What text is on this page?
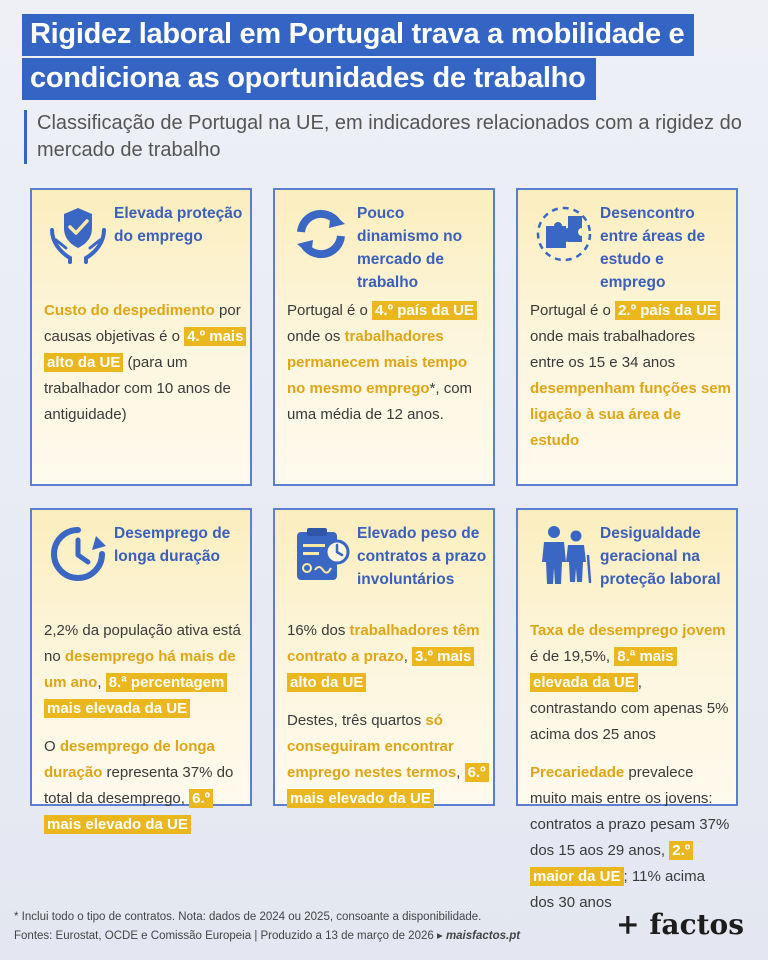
Rigidez laboral em Portugal trava a mobilidade e
condiciona as oportunidades de trabalho
Classificação de Portugal na UE, em indicadores relacionados com a rigidez do mercado de trabalho
Elevada proteção do emprego

Custo do despedimento por causas objetivas é o 4.º mais alto da UE (para um trabalhador com 10 anos de antiguidade)

Pouco dinamismo no mercado de trabalho

Portugal é o 4.º país da UE onde os trabalhadores permanecem mais tempo no mesmo emprego*, com uma média de 12 anos.

Desencontro entre áreas de estudo e emprego

Portugal é o 2.º país da UE onde mais trabalhadores entre os 15 e 34 anos desempenham funções sem ligação à sua área de estudo

Desemprego de longa duração

2,2% da população ativa está no desemprego há mais de um ano, 8.ª percentagem mais elevada da UE

O desemprego de longa duração representa 37% do total da desemprego, 6.º mais elevado da UE

Elevado peso de contratos a prazo involuntários

16% dos trabalhadores têm contrato a prazo, 3.º mais alto da UE

Destes, três quartos só conseguiram encontrar emprego nestes termos, 6.º mais elevado da UE

Desigualdade geracional na proteção laboral

Taxa de desemprego jovem é de 19,5%, 8.ª mais elevada da UE , contrastando com apenas 5% acima dos 25 anos

Precariedade prevalece muito mais entre os jovens: contratos a prazo pesam 37% dos 15 aos 29 anos, 2.º maior da UE ; 11% acima dos 30 anos

* Inclui todo o tipo de contratos. Nota: dados de 2024 ou 2025, consoante a disponibilidade.
Fontes: Eurostat, OCDE e Comissão Europeia | Produzido a 13 de março de 2026 ▸ maisfactos.pt	+ factos
